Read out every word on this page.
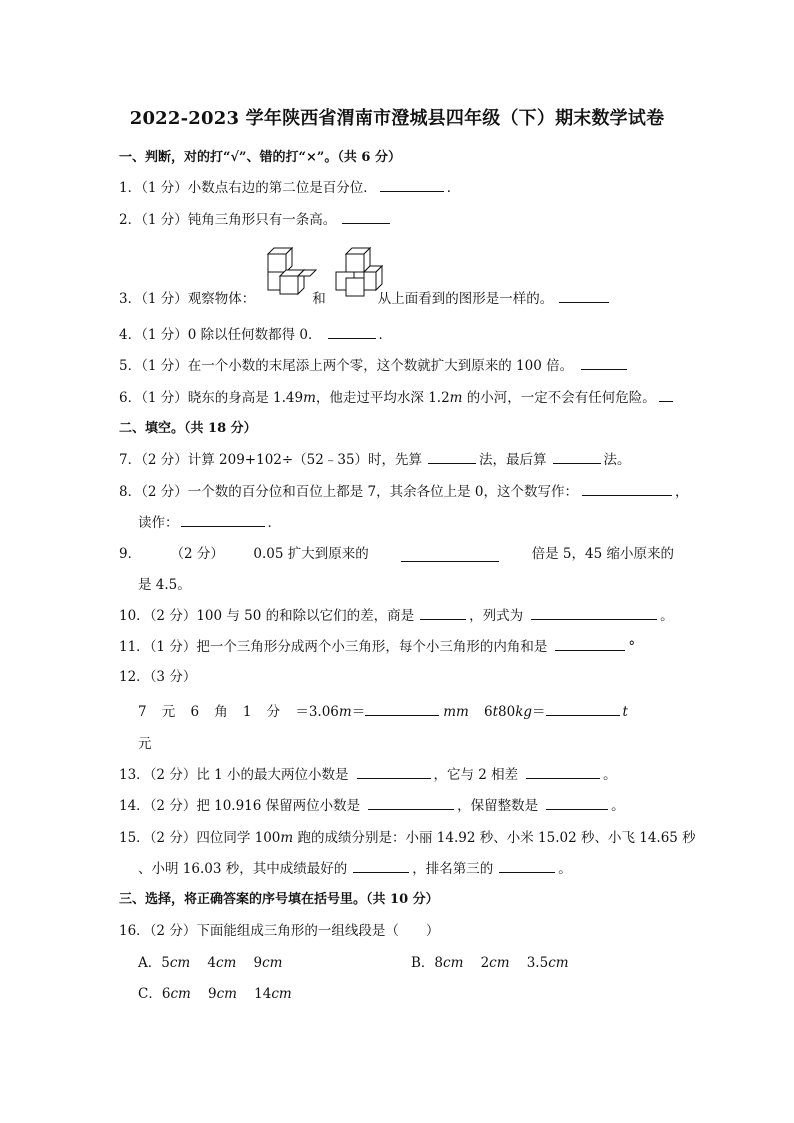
2022-2023 学年陕西省渭南市澄城县四年级（下）期末数学试卷
一、判断，对的打“√”、错的打“×”。（共 6 分）
1．（1 分）小数点右边的第二位是百分位．	．
2．（1 分）钝角三角形只有一条高。
3．（1 分）观察物体：	和	从上面看到的图形是一样的。
4．（1 分）0 除以任何数都得 0．	．
5．（1 分）在一个小数的末尾添上两个零，这个数就扩大到原来的 100 倍。
6．（1 分）晓东的身高是 1.49m，他走过平均水深 1.2m 的小河，一定不会有任何危险。
二、填空。（共 18 分）
7．（2 分）计算 209+102÷（52﹣35）时，先算	法，最后算	法。
8．（2 分）一个数的百分位和百位上都是 7，其余各位上是 0，这个数写作：	，
读作：	．
9． （2 分） 0.05 扩大到原来的	倍是 5，45 缩小原来的
是 4.5。
10．（2 分）100 与 50 的和除以它们的差，商是	，列式为	。
11．（1 分）把一个三角形分成两个小三角形，每个小三角形的内角和是	°
12．（3 分）
7 元 6 角 1 分 ＝3.06m＝	mm 6t80kg＝	t
元
13．（2 分）比 1 小的最大两位小数是	，它与 2 相差	。
14．（2 分）把 10.916 保留两位小数是	，保留整数是	。
15．（2 分）四位同学 100m 跑的成绩分别是：小丽 14.92 秒、小米 15.02 秒、小飞 14.65 秒
、小明 16.03 秒，其中成绩最好的	，排名第三的	。
三、选择，将正确答案的序号填在括号里。（共 10 分）
16．（2 分）下面能组成三角形的一组线段是（　　）
A．5cm 4cm 9cm	B．8cm 2cm 3.5cm
C．6cm 9cm 14cm
